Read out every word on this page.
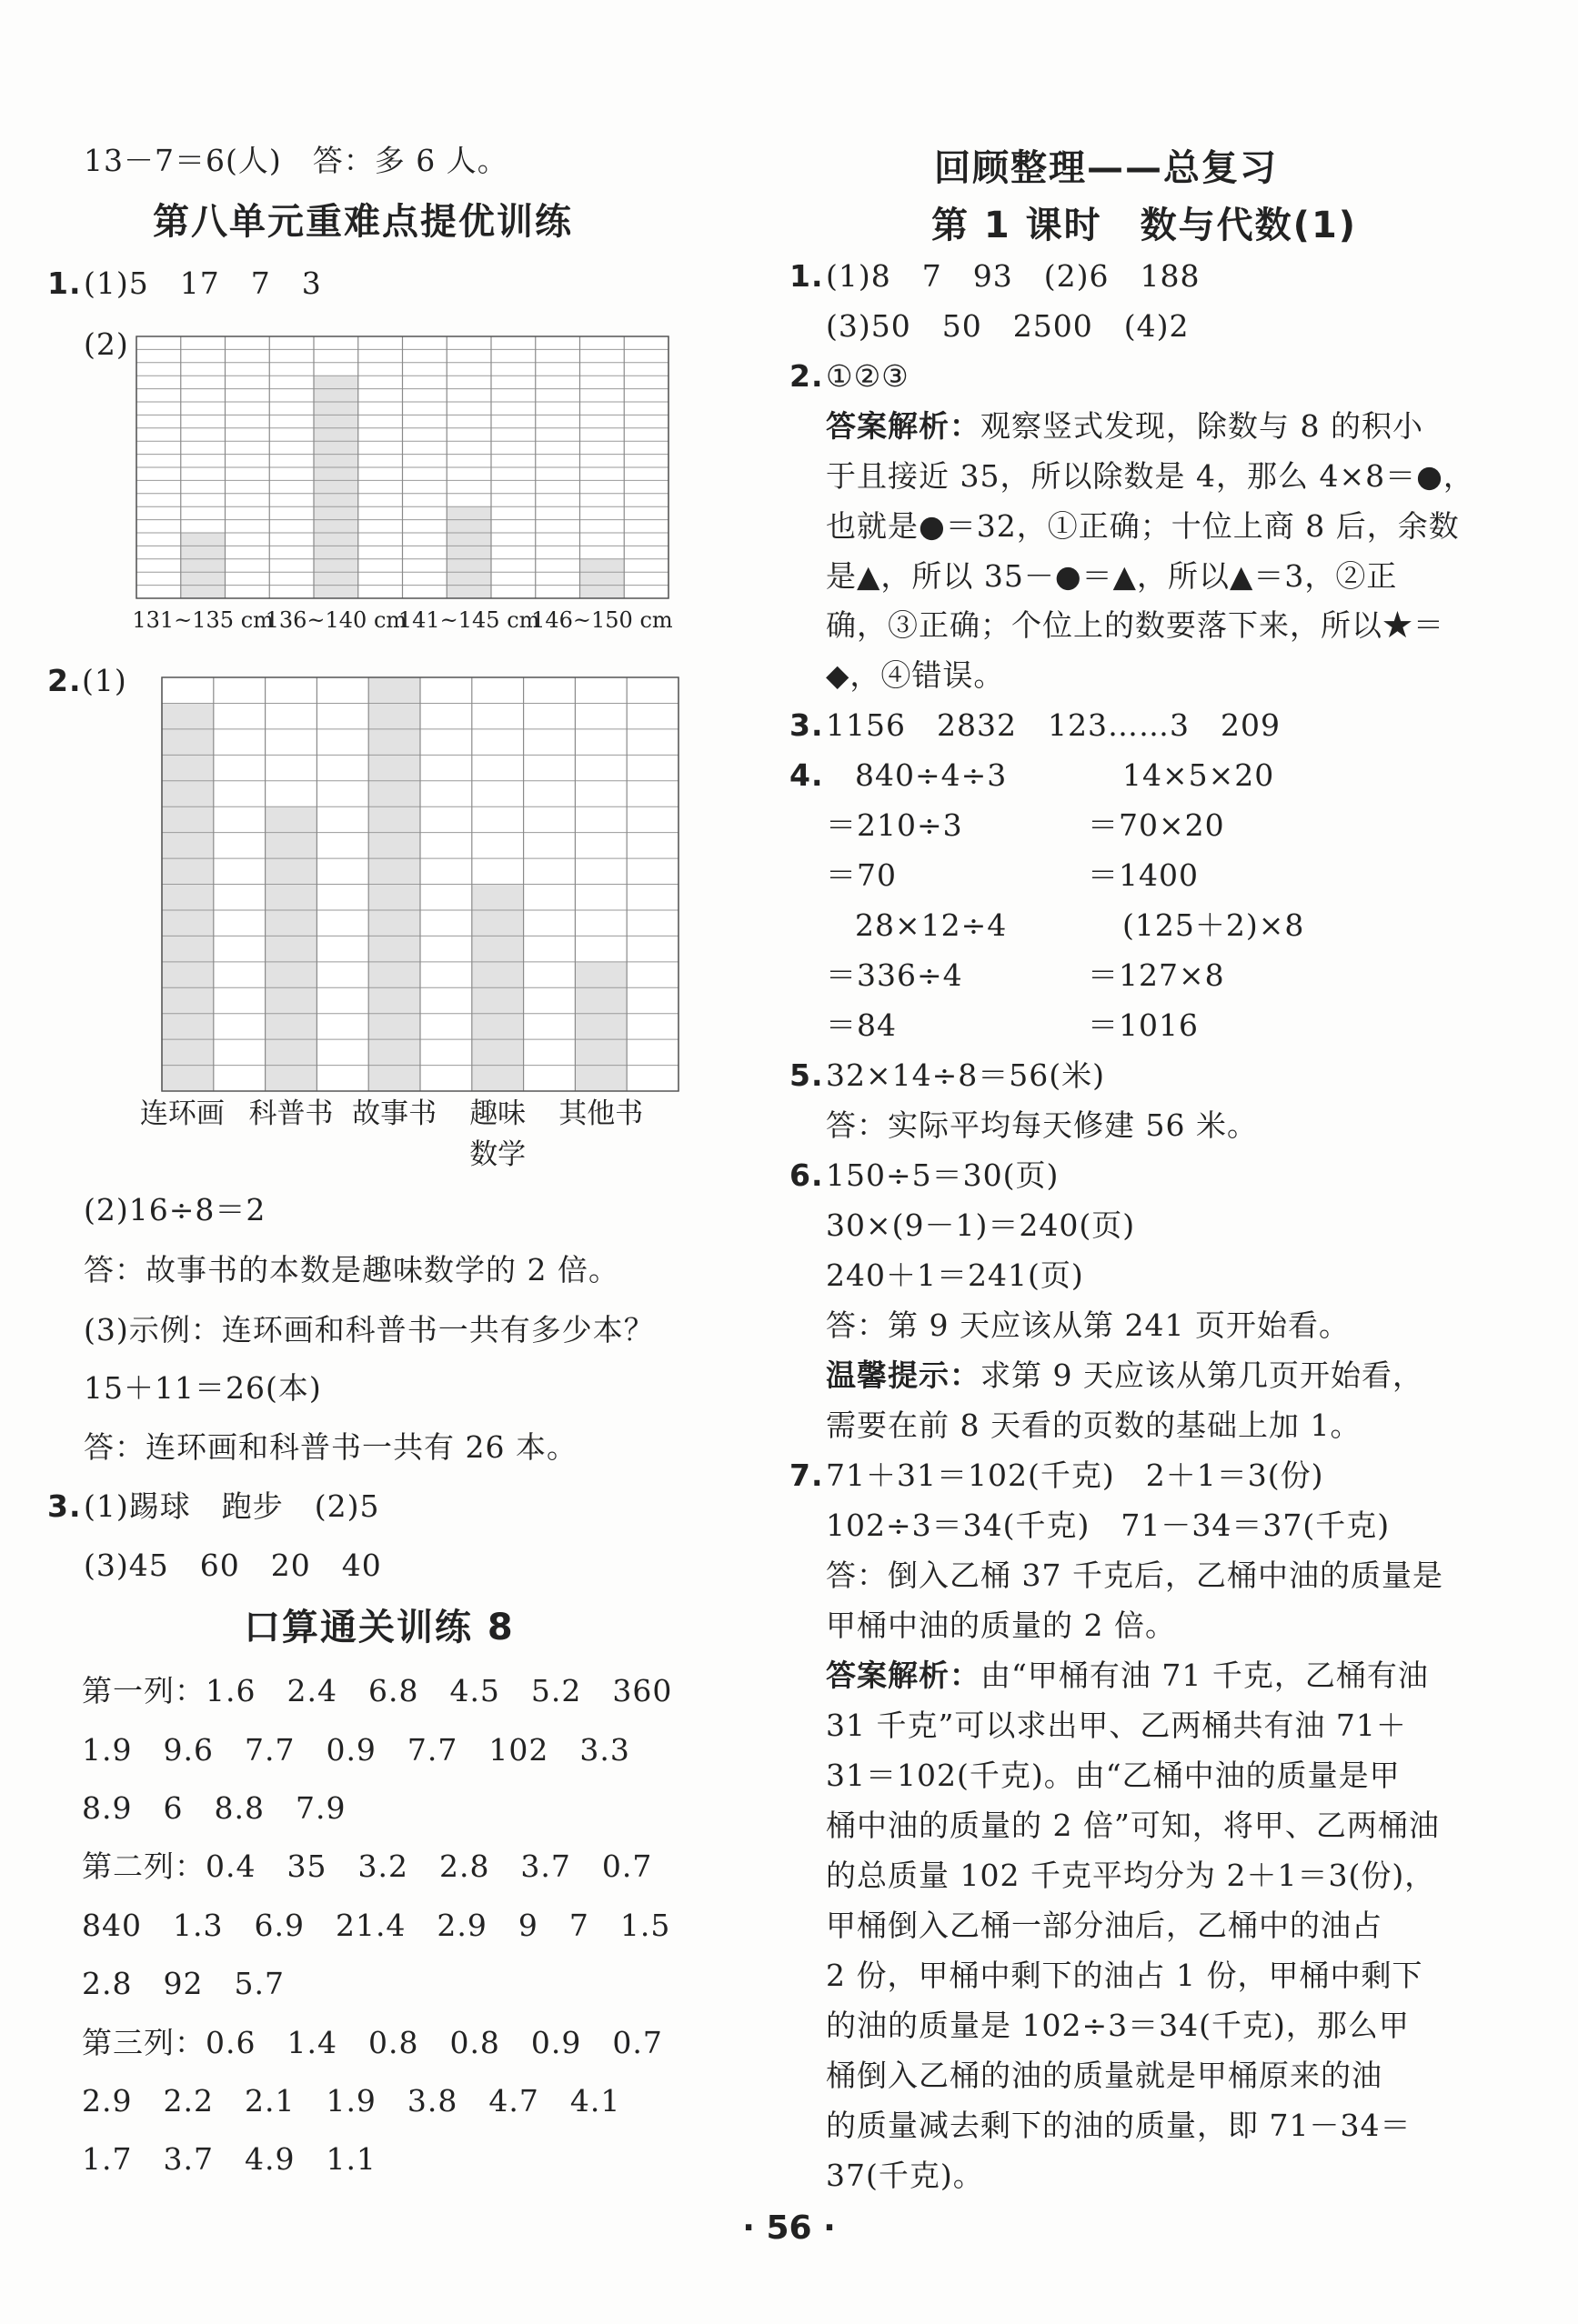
13－7＝6(人)　答：多 6 人。
第八单元重难点提优训练
1. (1)5　17　7　3
(2)
131~135 cm
136~140 cm
141~145 cm
146~150 cm
2. (1)
连环画 科普书 故事书 趣味 其他书
数学
(2)16÷8＝2
答：故事书的本数是趣味数学的 2 倍。
(3)示例：连环画和科普书一共有多少本？
15＋11＝26(本)
答：连环画和科普书一共有 26 本。
3. (1)踢球　跑步　(2)5
(3)45　60　20　40
口算通关训练 8
第一列：1.6　2.4　6.8　4.5　5.2　360
1.9　9.6　7.7　0.9　7.7　102　3.3
8.9　6　8.8　7.9
第二列：0.4　35　3.2　2.8　3.7　0.7
840　1.3　6.9　21.4　2.9　9　7　1.5
2.8　92　5.7
第三列：0.6　1.4　0.8　0.8　0.9　0.7
2.9　2.2　2.1　1.9　3.8　4.7　4.1
1.7　3.7　4.9　1.1
回顾整理——总复习
第 1 课时　数与代数(1)
1. (1)8　7　93　(2)6　188
(3)50　50　2500　(4)2
2. ①②③
答案解析：观察竖式发现，除数与 8 的积小
于且接近 35，所以除数是 4，那么 4×8＝●，
也就是●＝32，①正确；十位上商 8 后，余数
是▲，所以 35－●＝▲，所以▲＝3，②正
确，③正确；个位上的数要落下来，所以★＝
◆，④错误。
3. 1156　2832　123……3　209
4. 840÷4÷3
＝210÷3
＝70
14×5×20
＝70×20
＝1400
28×12÷4
＝336÷4
＝84
(125＋2)×8
＝127×8
＝1016
5. 32×14÷8＝56(米)
答：实际平均每天修建 56 米。
6. 150÷5＝30(页)
30×(9－1)＝240(页)
240＋1＝241(页)
答：第 9 天应该从第 241 页开始看。
温馨提示：求第 9 天应该从第几页开始看，
需要在前 8 天看的页数的基础上加 1。
7. 71＋31＝102(千克)　2＋1＝3(份)
102÷3＝34(千克)　71－34＝37(千克)
答：倒入乙桶 37 千克后，乙桶中油的质量是
甲桶中油的质量的 2 倍。
答案解析：由“甲桶有油 71 千克，乙桶有油
31 千克”可以求出甲、乙两桶共有油 71＋
31＝102(千克)。由“乙桶中油的质量是甲
桶中油的质量的 2 倍”可知，将甲、乙两桶油
的总质量 102 千克平均分为 2＋1＝3(份)，
甲桶倒入乙桶一部分油后，乙桶中的油占
2 份，甲桶中剩下的油占 1 份，甲桶中剩下
的油的质量是 102÷3＝34(千克)，那么甲
桶倒入乙桶的油的质量就是甲桶原来的油
的质量减去剩下的油的质量，即 71－34＝
37(千克)。
· 56 ·
